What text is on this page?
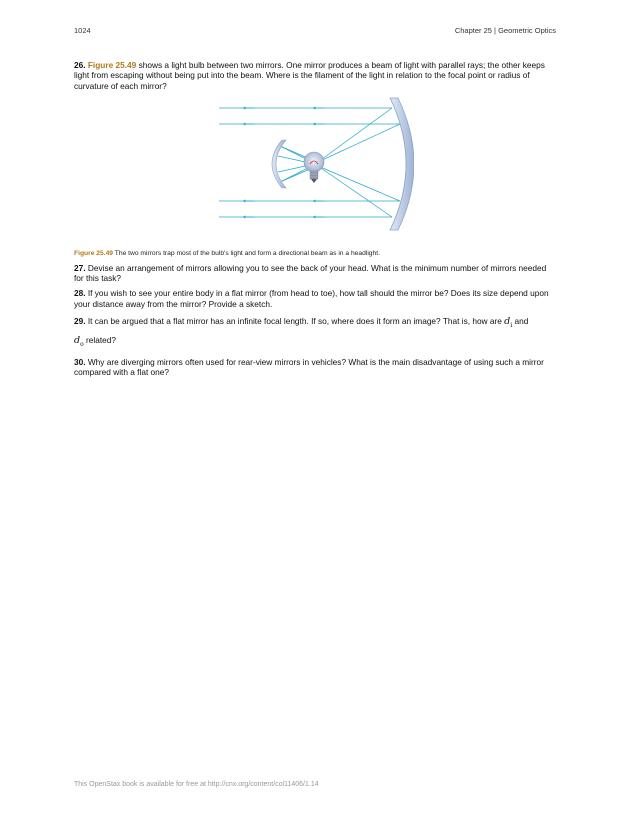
1024	Chapter 25 | Geometric Optics

26. Figure 25.49 shows a light bulb between two mirrors. One mirror produces a beam of light with parallel rays; the other keeps light from escaping without being put into the beam. Where is the filament of the light in relation to the focal point or radius of curvature of each mirror?

Figure 25.49 The two mirrors trap most of the bulb's light and form a directional beam as in a headlight.

27. Devise an arrangement of mirrors allowing you to see the back of your head. What is the minimum number of mirrors needed for this task?

28. If you wish to see your entire body in a flat mirror (from head to toe), how tall should the mirror be? Does its size depend upon your distance away from the mirror? Provide a sketch.

29. It can be argued that a flat mirror has an infinite focal length. If so, where does it form an image? That is, how are $d_i$ and
$d_o$ related?

30. Why are diverging mirrors often used for rear-view mirrors in vehicles? What is the main disadvantage of using such a mirror compared with a flat one?

This OpenStax book is available for free at http://cnx.org/content/col11406/1.14
